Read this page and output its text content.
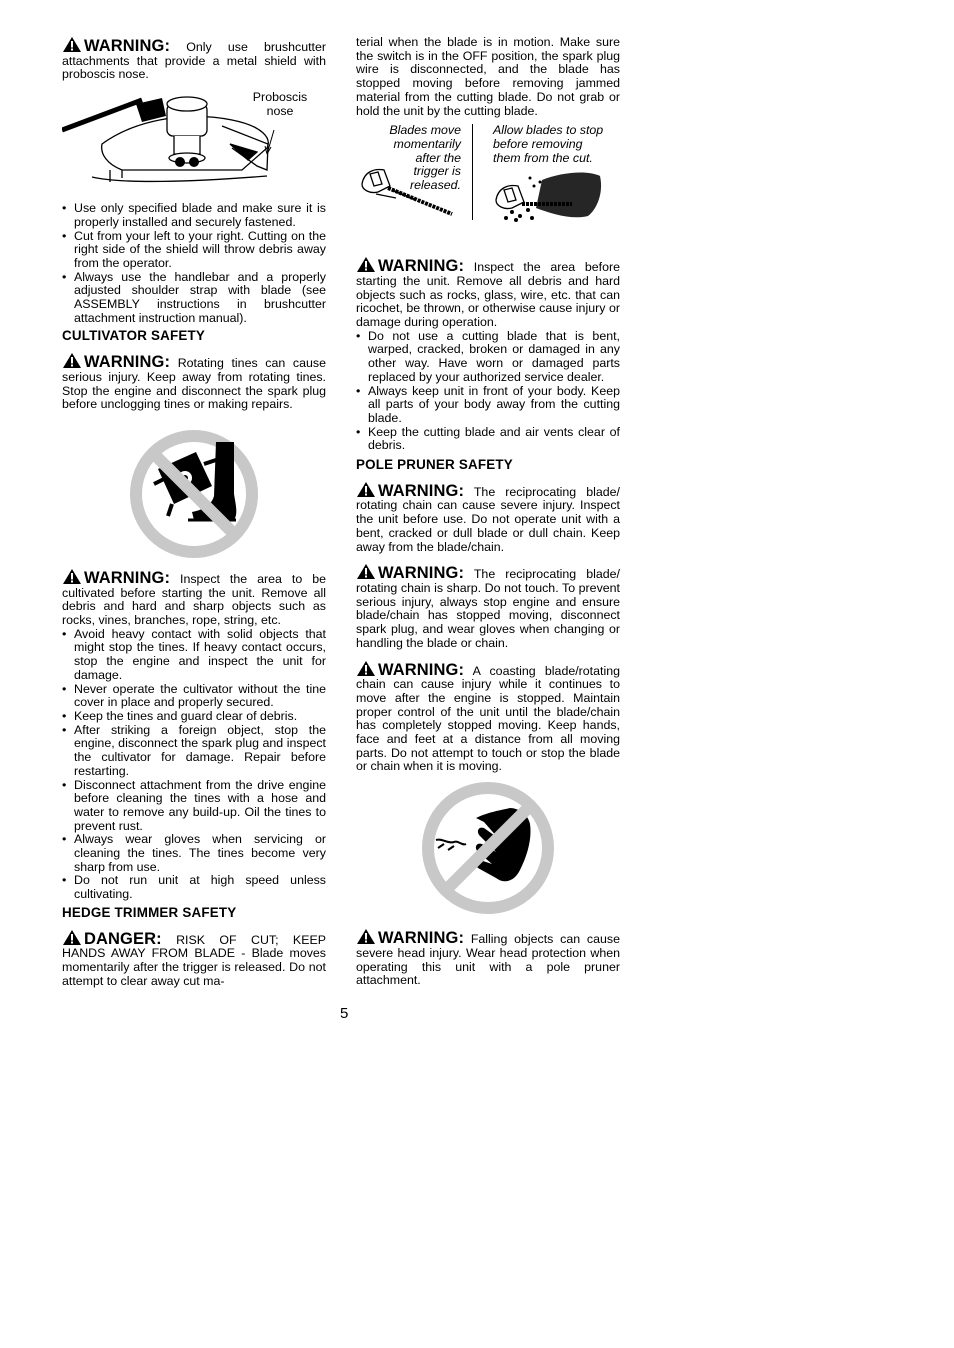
WARNING: Only use brushcutter attachments that provide a metal shield with proboscis nose.

Proboscis
nose
• Use only specified blade and make sure it is properly installed and securely fastened.
• Cut from your left to your right. Cutting on the right side of the shield will throw debris away from the operator.
• Always use the handlebar and a properly adjusted shoulder strap with blade (see ASSEMBLY instructions in brushcutter attachment instruction manual).
CULTIVATOR SAFETY

WARNING: Rotating tines can cause serious injury. Keep away from rotating tines. Stop the engine and disconnect the spark plug before unclogging tines or making repairs.

WARNING: Inspect the area to be cultivated before starting the unit. Remove all debris and hard and sharp objects such as rocks, vines, branches, rope, string, etc.

• Avoid heavy contact with solid objects that might stop the tines. If heavy contact occurs, stop the engine and inspect the unit for damage.
• Never operate the cultivator without the tine cover in place and properly secured.
• Keep the tines and guard clear of debris.
• After striking a foreign object, stop the engine, disconnect the spark plug and inspect the cultivator for damage. Repair before restarting.
• Disconnect attachment from the drive engine before cleaning the tines with a hose and water to remove any build-up. Oil the tines to prevent rust.
• Always wear gloves when servicing or cleaning the tines. The tines become very sharp from use.
• Do not run unit at high speed unless cultivating.
HEDGE TRIMMER SAFETY

DANGER: RISK OF CUT; KEEP HANDS AWAY FROM BLADE - Blade moves momentarily after the trigger is released. Do not attempt to clear away cut ma-

terial when the blade is in motion. Make sure the switch is in the OFF position, the spark plug wire is disconnected, and the blade has stopped moving before removing jammed material from the cutting blade. Do not grab or hold the unit by the cutting blade.

Blades move
momentarily
after the
trigger is
released.
Allow blades to stop
before removing
them from the cut.

WARNING: Inspect the area before starting the unit. Remove all debris and hard objects such as rocks, glass, wire, etc. that can ricochet, be thrown, or otherwise cause injury or damage during operation.

• Do not use a cutting blade that is bent, warped, cracked, broken or damaged in any other way. Have worn or damaged parts replaced by your authorized service dealer.
• Always keep unit in front of your body. Keep all parts of your body away from the cutting blade.
• Keep the cutting blade and air vents clear of debris.
POLE PRUNER SAFETY

WARNING: The reciprocating blade/ rotating chain can cause severe injury. Inspect the unit before use. Do not operate unit with a bent, cracked or dull blade or dull chain. Keep away from the blade/chain.

WARNING: The reciprocating blade/ rotating chain is sharp. Do not touch. To prevent serious injury, always stop engine and ensure blade/chain has stopped moving, disconnect spark plug, and wear gloves when changing or handling the blade or chain.

WARNING: A coasting blade/rotating chain can cause injury while it continues to move after the engine is stopped. Maintain proper control of the unit until the blade/chain has completely stopped moving. Keep hands, face and feet at a distance from all moving parts. Do not attempt to touch or stop the blade or chain when it is moving.

WARNING: Falling objects can cause severe head injury. Wear head protection when operating this unit with a pole pruner attachment.

5
